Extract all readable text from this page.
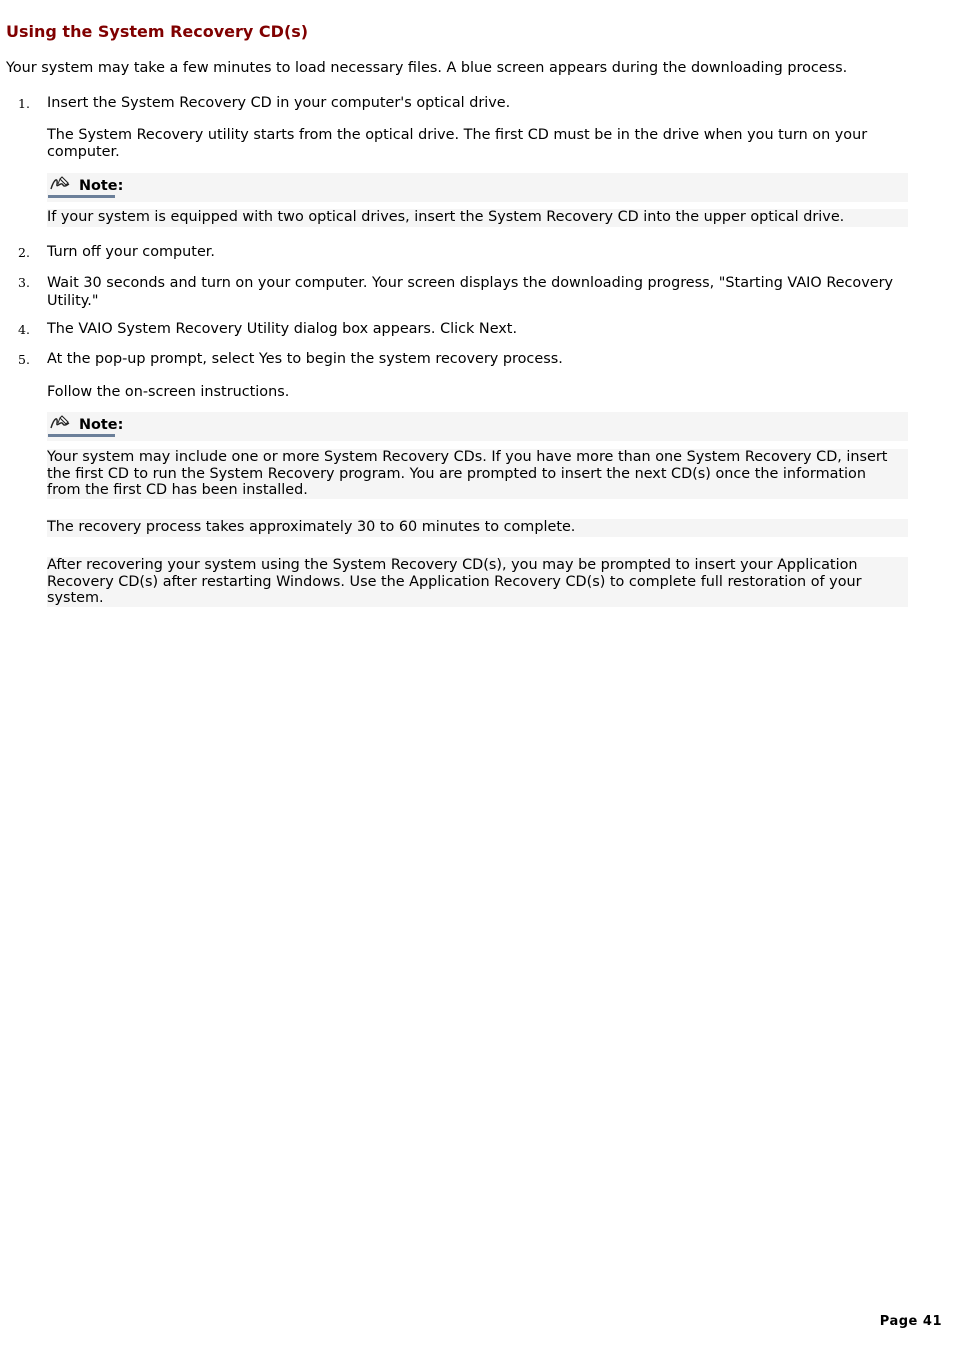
Using the System Recovery CD(s)

Your system may take a few minutes to load necessary files. A blue screen appears during the downloading process.

1. Insert the System Recovery CD in your computer's optical drive.

The System Recovery utility starts from the optical drive. The first CD must be in the drive when you turn on your computer.

Note:
If your system is equipped with two optical drives, insert the System Recovery CD into the upper optical drive.
2. Turn off your computer.

3. Wait 30 seconds and turn on your computer. Your screen displays the downloading progress, "Starting VAIO Recovery Utility."

4. The VAIO System Recovery Utility dialog box appears. Click Next.

5. At the pop-up prompt, select Yes to begin the system recovery process.

Follow the on-screen instructions.

Note:
Your system may include one or more System Recovery CDs. If you have more than one System Recovery CD, insert the first CD to run the System Recovery program. You are prompted to insert the next CD(s) once the information from the first CD has been installed.
The recovery process takes approximately 30 to 60 minutes to complete.
After recovering your system using the System Recovery CD(s), you may be prompted to insert your Application Recovery CD(s) after restarting Windows. Use the Application Recovery CD(s) to complete full restoration of your system.
Page 41
